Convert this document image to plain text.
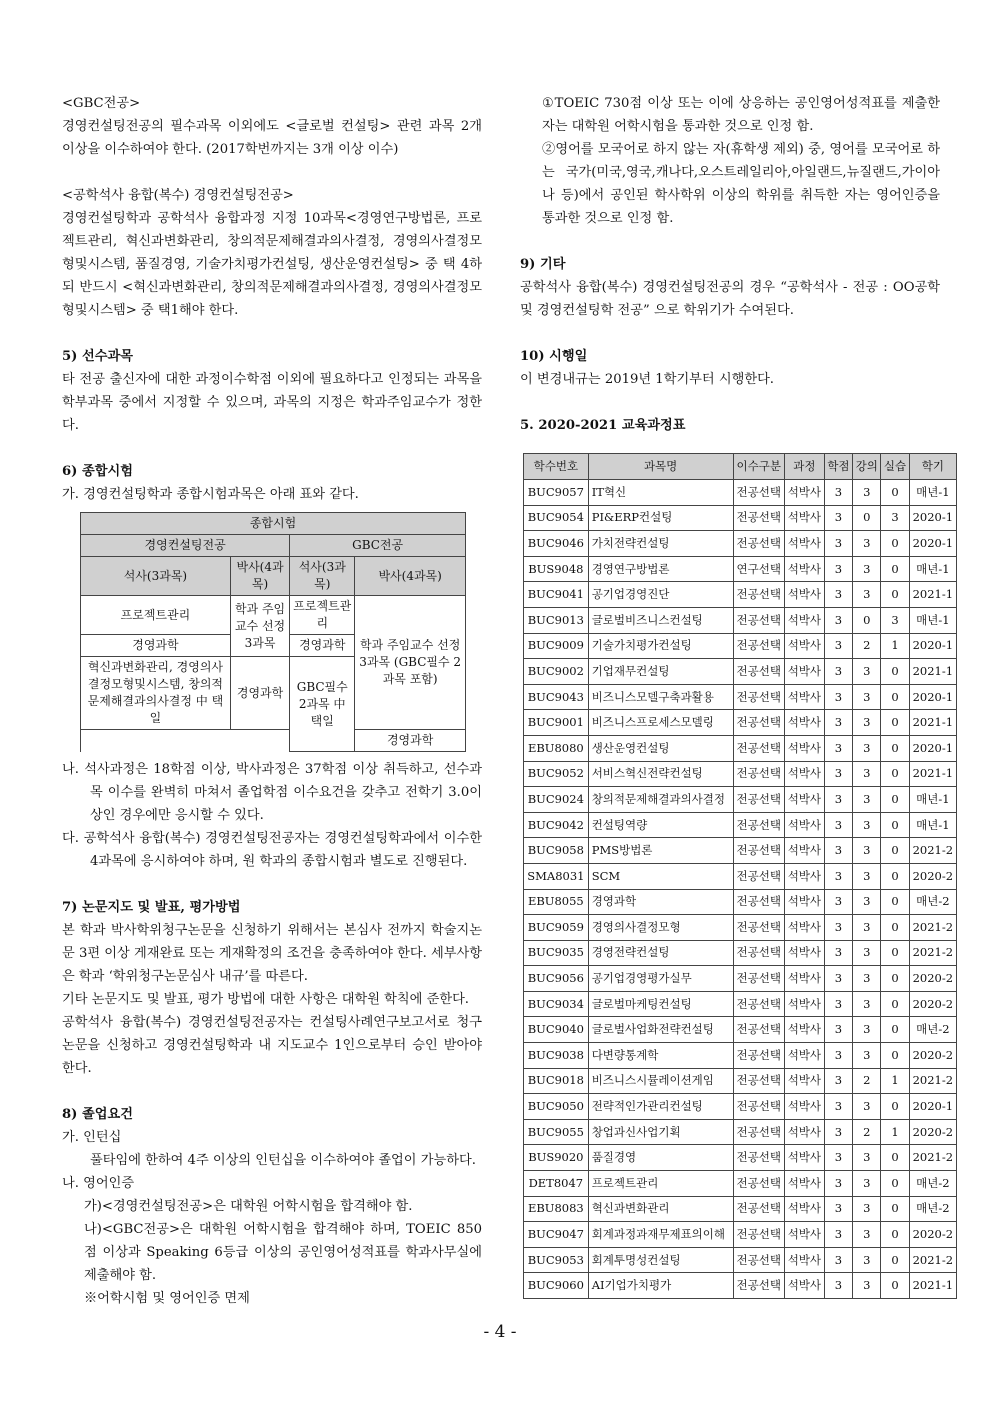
<GBC전공>

경영컨설팅전공의 필수과목 이외에도 <글로벌 컨설팅> 관련 과목 2개 이상을 이수하여야 한다. (2017학번까지는 3개 이상 이수)

<공학석사 융합(복수) 경영컨설팅전공>

경영컨설팅학과 공학석사 융합과정 지정 10과목<경영연구방법론, 프로젝트관리, 혁신과변화관리, 창의적문제해결과의사결정, 경영의사결정모형및시스템, 품질경영, 기술가치평가컨설팅, 생산운영컨설팅> 중 택 4하되 반드시 <혁신과변화관리, 창의적문제해결과의사결정, 경영의사결정모형및시스템> 중 택1해야 한다.

5) 선수과목

타 전공 출신자에 대한 과정이수학점 이외에 필요하다고 인정되는 과목을 학부과목 중에서 지정할 수 있으며, 과목의 지정은 학과주임교수가 정한다.

6) 종합시험

가. 경영컨설팅학과 종합시험과목은 아래 표와 같다.

종합시험			
경영컨설팅전공		GBC전공	
석사(3과목)	박사(4과목)	석사(3과목)	박사(4과목)
프로젝트관리	학과 주임교수 선정 3과목	프로젝트관리	학과 주임교수 선정 3과목 (GBC필수 2과목 포함)
경영과학		경영과학	
혁신과변화관리, 경영의사결정모형및시스템, 창의적문제해결과의사결정 中 택일		GBC필수 2과목 中 택일	
	경영과학		
			경영과학

나. 석사과정은 18학점 이상, 박사과정은 37학점 이상 취득하고, 선수과목 이수를 완벽히 마쳐서 졸업학점 이수요건을 갖추고 전학기 3.0이상인 경우에만 응시할 수 있다.

다. 공학석사 융합(복수) 경영컨설팅전공자는 경영컨설팅학과에서 이수한 4과목에 응시하여야 하며, 원 학과의 종합시험과 별도로 진행된다.

7) 논문지도 및 발표, 평가방법

본 학과 박사학위청구논문을 신청하기 위해서는 본심사 전까지 학술지논문 3편 이상 게재완료 또는 게재확정의 조건을 충족하여야 한다. 세부사항은 학과 ‘학위청구논문심사 내규’를 따른다.

기타 논문지도 및 발표, 평가 방법에 대한 사항은 대학원 학칙에 준한다.

공학석사 융합(복수) 경영컨설팅전공자는 컨설팅사례연구보고서로 청구 논문을 신청하고 경영컨설팅학과 내 지도교수 1인으로부터 승인 받아야 한다.

8) 졸업요건

가. 인턴십

풀타임에 한하여 4주 이상의 인턴십을 이수하여야 졸업이 가능하다.

나. 영어인증

가)<경영컨설팅전공>은 대학원 어학시험을 합격해야 함.

나)<GBC전공>은 대학원 어학시험을 합격해야 하며, TOEIC 850점 이상과 Speaking 6등급 이상의 공인영어성적표를 학과사무실에 제출해야 함.

※어학시험 및 영어인증 면제

①TOEIC 730점 이상 또는 이에 상응하는 공인영어성적표를 제출한 자는 대학원 어학시험을 통과한 것으로 인정 함.

②영어를 모국어로 하지 않는 자(휴학생 제외) 중, 영어를 모국어로 하는 국가(미국,영국,캐나다,오스트레일리아,아일랜드,뉴질랜드,가이아나 등)에서 공인된 학사학위 이상의 학위를 취득한 자는 영어인증을 통과한 것으로 인정 함.

9) 기타

공학석사 융합(복수) 경영컨설팅전공의 경우 “공학석사 - 전공 : OO공학 및 경영컨설팅학 전공” 으로 학위기가 수여된다.

10) 시행일

이 변경내규는 2019년 1학기부터 시행한다.

5. 2020-2021 교육과정표

학수번호	과목명	이수구분	과정	학점	강의	실습	학기
BUC9057	IT혁신	전공선택	석박사	3	3	0	매년-1
BUC9054	PI&ERP컨설팅	전공선택	석박사	3	0	3	2020-1
BUC9046	가치전략컨설팅	전공선택	석박사	3	3	0	2020-1
BUS9048	경영연구방법론	연구선택	석박사	3	3	0	매년-1
BUC9041	공기업경영진단	전공선택	석박사	3	3	0	2021-1
BUC9013	글로벌비즈니스컨설팅	전공선택	석박사	3	0	3	매년-1
BUC9009	기술가치평가컨설팅	전공선택	석박사	3	2	1	2020-1
BUC9002	기업재무컨설팅	전공선택	석박사	3	3	0	2021-1
BUC9043	비즈니스모델구축과활용	전공선택	석박사	3	3	0	2020-1
BUC9001	비즈니스프로세스모델링	전공선택	석박사	3	3	0	2021-1
EBU8080	생산운영컨설팅	전공선택	석박사	3	3	0	2020-1
BUC9052	서비스혁신전략컨설팅	전공선택	석박사	3	3	0	2021-1
BUC9024	창의적문제해결과의사결정	전공선택	석박사	3	3	0	매년-1
BUC9042	컨설팅역량	전공선택	석박사	3	3	0	매년-1
BUC9058	PMS방법론	전공선택	석박사	3	3	0	2021-2
SMA8031	SCM	전공선택	석박사	3	3	0	2020-2
EBU8055	경영과학	전공선택	석박사	3	3	0	매년-2
BUC9059	경영의사결정모형	전공선택	석박사	3	3	0	2021-2
BUC9035	경영전략컨설팅	전공선택	석박사	3	3	0	2021-2
BUC9056	공기업경영평가실무	전공선택	석박사	3	3	0	2020-2
BUC9034	글로벌마케팅컨설팅	전공선택	석박사	3	3	0	2020-2
BUC9040	글로벌사업화전략컨설팅	전공선택	석박사	3	3	0	매년-2
BUC9038	다변량통계학	전공선택	석박사	3	3	0	2020-2
BUC9018	비즈니스시뮬레이션게임	전공선택	석박사	3	2	1	2021-2
BUC9050	전략적인가관리컨설팅	전공선택	석박사	3	3	0	2020-1
BUC9055	창업과신사업기획	전공선택	석박사	3	2	1	2020-2
BUS9020	품질경영	전공선택	석박사	3	3	0	2021-2
DET8047	프로젝트관리	전공선택	석박사	3	3	0	매년-2
EBU8083	혁신과변화관리	전공선택	석박사	3	3	0	매년-2
BUC9047	회계과정과재무제표의이해	전공선택	석박사	3	3	0	2020-2
BUC9053	회계투명성컨설팅	전공선택	석박사	3	3	0	2021-2
BUC9060	AI기업가치평가	전공선택	석박사	3	3	0	2021-1
- 4 -
